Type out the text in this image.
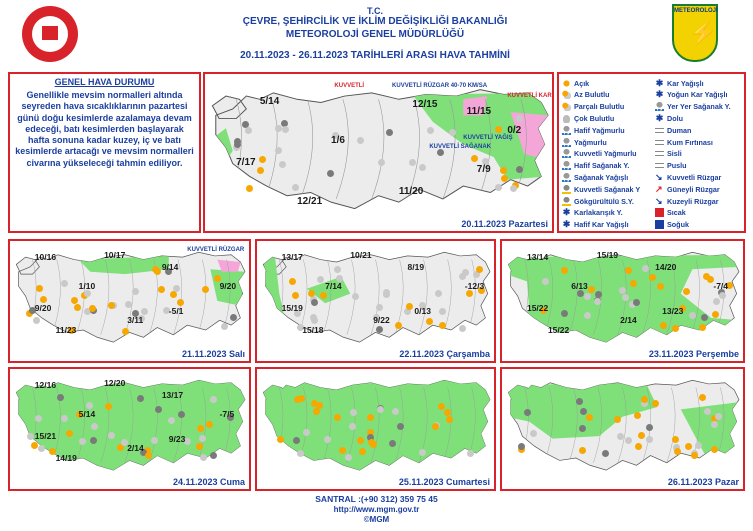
T.C.
ÇEVRE, ŞEHİRCİLİK VE İKLİM DEĞİŞİKLİĞİ BAKANLIĞI
METEOROLOJİ GENEL MÜDÜRLÜĞÜ
20.11.2023 - 26.11.2023 TARİHLERİ ARASI HAVA TAHMİNİ
METEOROLOJİ
⚡
GENEL HAVA DURUMU
Genellikle mevsim normalleri altında seyreden hava sıcaklıklarının pazartesi günü doğu kesimlerde azalamaya devam edeceği, batı kesimlerden başlayarak hafta sonuna kadar kuzey, iç ve batı kesimlerde artacağı ve mevsim normalleri civarına yükseleceği tahmin ediliyor.
Açık
Az Bulutlu
Parçalı Bulutlu
Çok Bulutlu
Hafif Yağmurlu
Yağmurlu
Kuvvetli Yağmurlu
Hafif Sağanak Y.
Sağanak Yağışlı
Kuvvetli Sağanak Y
Gökgürültülü S.Y.
✱ Karlakarışık Y.
✱ Hafif Kar Yağışlı
✱ Kar Yağışlı
✱ Yoğun Kar Yağışlı
Yer Yer Sağanak Y.
✱ Dolu
Duman
Kum Fırtınası
Sisli
Puslu
↘ Kuvvetli Rüzgar
↗ Güneyli Rüzgar
↘ Kuzeyli Rüzgar
Sıcak
Soğuk
5/14	12/15
11/15
0/2
1/6
7/17
7/9
11/20
12/21
KUVVETLİ RÜZGAR 40-70 KM/SA
KUVVETLİ
KUVVETLİ SAĞANAK
KUVVETLİ YAĞIŞ
KUVVETLİ KAR
20.11.2023 Pazartesi
10/16	10/17
9/14
1/10	9/20
9/20
3/11
-5/1
11/23
KUVVETLİ RÜZGAR
21.11.2023 Salı
13/17	10/21
8/19
7/14	-12/3
15/19
9/22
0/13
15/18
22.11.2023 Çarşamba
13/14	15/19
14/20
6/13	-7/4
15/22
2/14
13/23
15/22
23.11.2023 Perşembe
12/16	12/20
13/17
5/14	-7/5
15/21
2/14
9/23
14/19
24.11.2023 Cuma	25.11.2023 Cumartesi	26.11.2023 Pazar
SANTRAL :(+90 312) 359 75 45
http://www.mgm.gov.tr
©MGM
